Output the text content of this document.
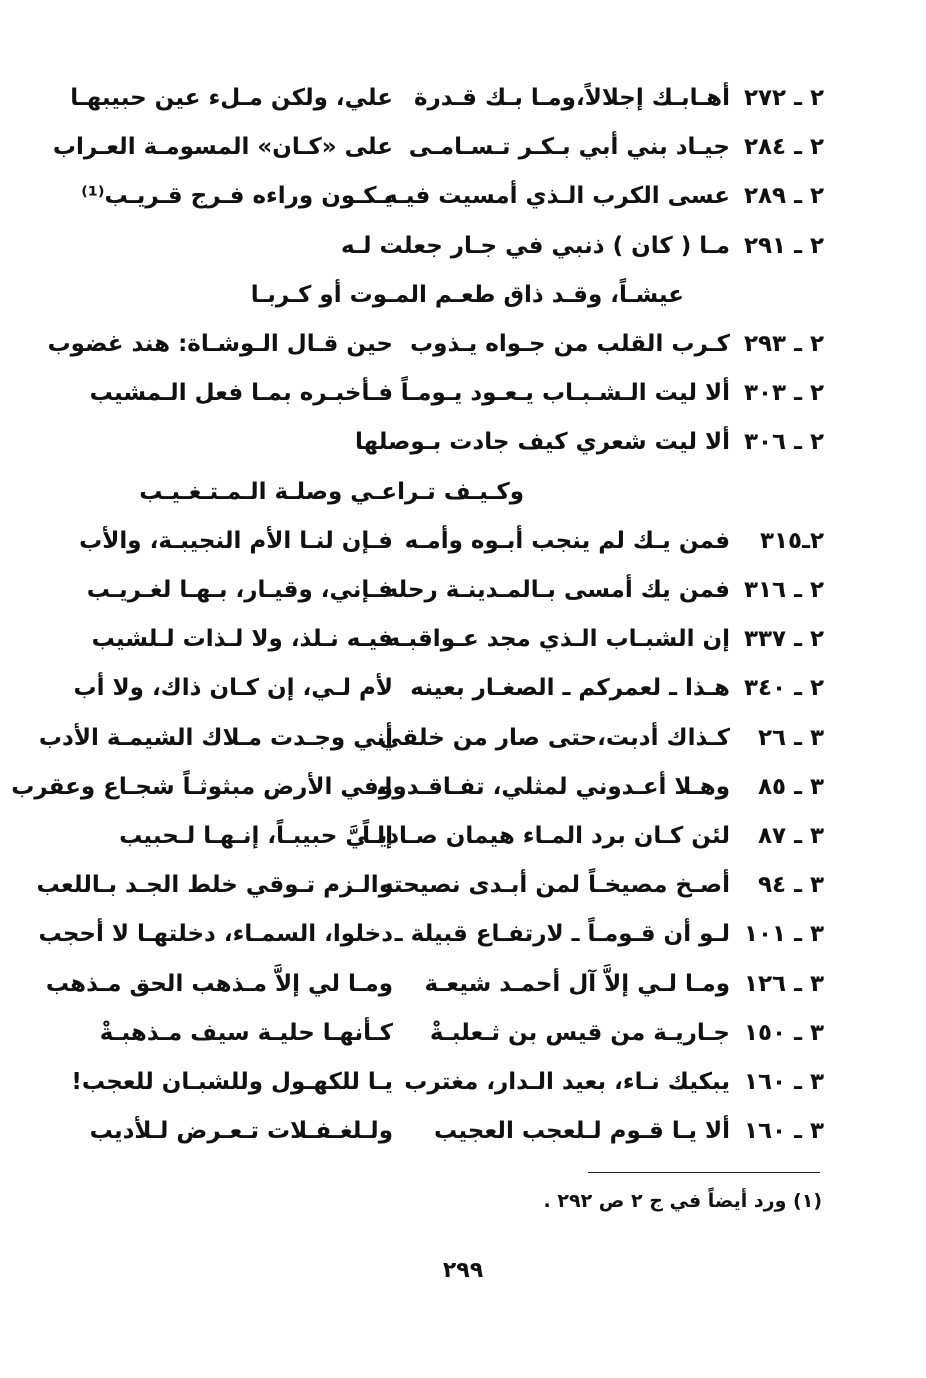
٢ ـ ٢٧٢
أهـابـك إجلالاً،ومـا بـك قـدرة
علي، ولكن مـلء عين حبيبهـا
٢ ـ ٢٨٤
جيـاد بني أبي بـكـر تـسـامـى
على «كـان» المسومـة العـراب
٢ ـ ٢٨٩
عسى الكرب الـذي أمسيت فيـه
يـكـون وراءه فـرج قـريـب⁽¹⁾
٢ ـ ٢٩١
مـا ( كان ) ذنبي في جـار جعلت لـه
عيشـاً، وقـد ذاق طعـم المـوت أو كـربـا
٢ ـ ٢٩٣
كـرب القلب من جـواه يـذوب
حين قـال الـوشـاة: هند غضوب
٢ ـ ٣٠٣
ألا ليت الـشـبـاب يـعـود يـومـاً
فـأخبـره بمـا فعل الـمشيب
٢ ـ ٣٠٦
ألا ليت شعري كيف جادت بـوصلها
وكـيـف تـراعـي وصلـة الـمـتـغـيـب
٢ـ٣١٥
فمن يـك لم ينجب أبـوه وأمـه
فـإن لنـا الأم النجيبـة، والأب
٢ ـ ٣١٦
فمن يك أمسى بـالمـدينـة رحله
فـإني، وقيـار، بـهـا لغـريـب
٢ ـ ٣٣٧
إن الشبـاب الـذي مجد عـواقبـه
فيـه نـلذ، ولا لـذات لـلشيب
٢ ـ ٣٤٠
هـذا ـ لعمركم ـ الصغـار بعينه
لأم لـي، إن كـان ذاك، ولا أب
٣ ـ ٢٦
كـذاك أدبت،حتى صار من خلقي
أني وجـدت مـلاك الشيمـة الأدب
٣ ـ ٨٥
وهـلا أعـدوني لمثلي، تفـاقـدوا،
وفي الأرض مبثوثـاً شجـاع وعقرب
٣ ـ ٨٧
لئن كـان برد المـاء هيمان صـاديـاً
إلـيَّ حبيبـاً، إنـهـا لـحبيب
٣ ـ ٩٤
أصـخ مصيخـاً لمن أبـدى نصيحته
والـزم تـوقي خلط الجـد بـاللعب
٣ ـ ١٠١
لـو أن قـومـاً ـ لارتفـاع قبيلة ـ
دخلوا، السمـاء، دخلتهـا لا أحجب
٣ ـ ١٢٦
ومـا لـي إلاَّ آل أحمـد شيعـة
ومـا لي إلاَّ مـذهب الحق مـذهب
٣ ـ ١٥٠
جـاريـة من قيس بن ثـعلبـةْ
كـأنهـا حليـة سيف مـذهبـةْ
٣ ـ ١٦٠
يبكيك نـاء، بعيد الـدار، مغترب
يـا للكهـول وللشبـان للعجب!
٣ ـ ١٦٠
ألا يـا قـوم لـلعجب العجيب
ولـلغـفـلات تـعـرض لـلأديب
(١) ورد أيضاً في ج ٢ ص ٢٩٢ .
٢٩٩
